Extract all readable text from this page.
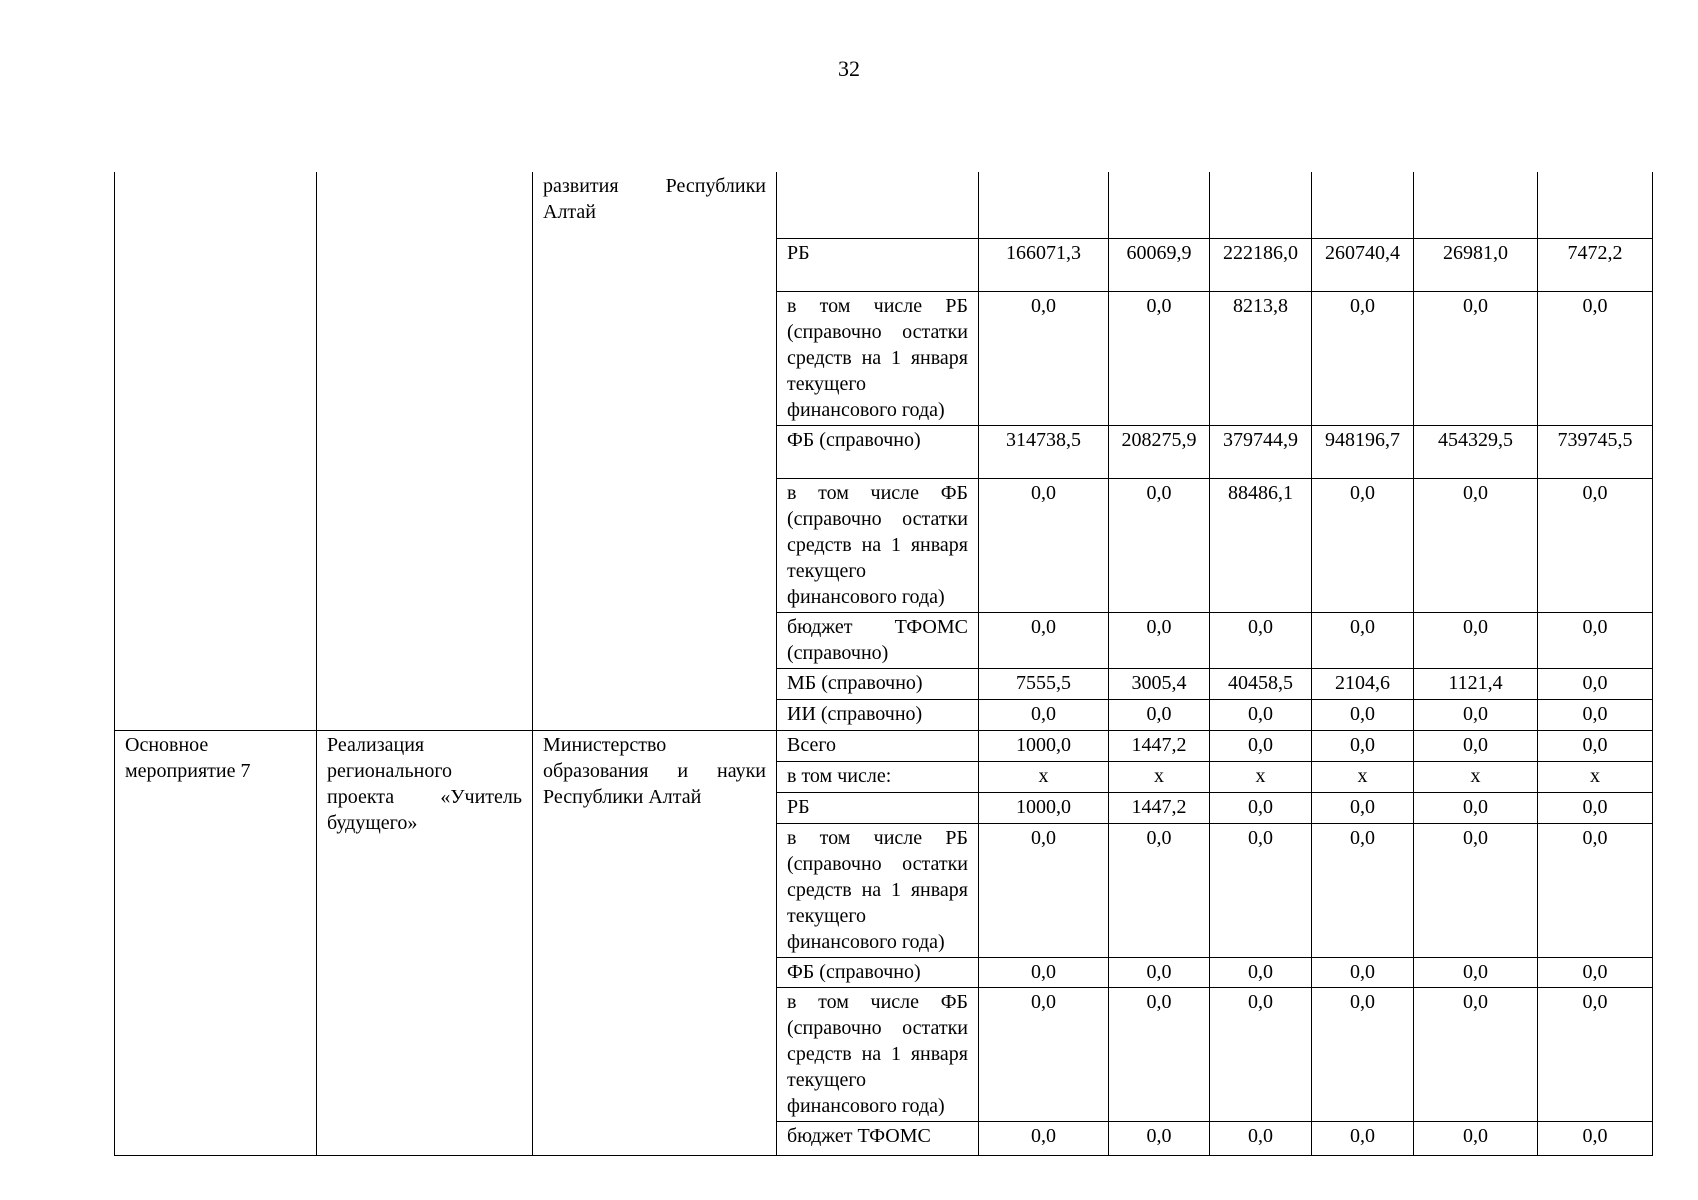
32
		развития Республики Алтай							
			РБ	166071,3	60069,9	222186,0	260740,4	26981,0	7472,2
			в том числе РБ (справочно остатки средств на 1 января текущего финансового года)	0,0	0,0	8213,8	0,0	0,0	0,0
			ФБ (справочно)	314738,5	208275,9	379744,9	948196,7	454329,5	739745,5
			в том числе ФБ (справочно остатки средств на 1 января текущего финансового года)	0,0	0,0	88486,1	0,0	0,0	0,0
			бюджет ТФОМС (справочно)	0,0	0,0	0,0	0,0	0,0	0,0
			МБ (справочно)	7555,5	3005,4	40458,5	2104,6	1121,4	0,0
			ИИ (справочно)	0,0	0,0	0,0	0,0	0,0	0,0
Основное мероприятие 7	Реализация регионального проекта «Учитель будущего»	Министерство образования и науки Республики Алтай	Всего	1000,0	1447,2	0,0	0,0	0,0	0,0
			в том числе:	х	х	х	х	х	х
			РБ	1000,0	1447,2	0,0	0,0	0,0	0,0
			в том числе РБ (справочно остатки средств на 1 января текущего финансового года)	0,0	0,0	0,0	0,0	0,0	0,0
			ФБ (справочно)	0,0	0,0	0,0	0,0	0,0	0,0
			в том числе ФБ (справочно остатки средств на 1 января текущего финансового года)	0,0	0,0	0,0	0,0	0,0	0,0
			бюджет ТФОМС	0,0	0,0	0,0	0,0	0,0	0,0
